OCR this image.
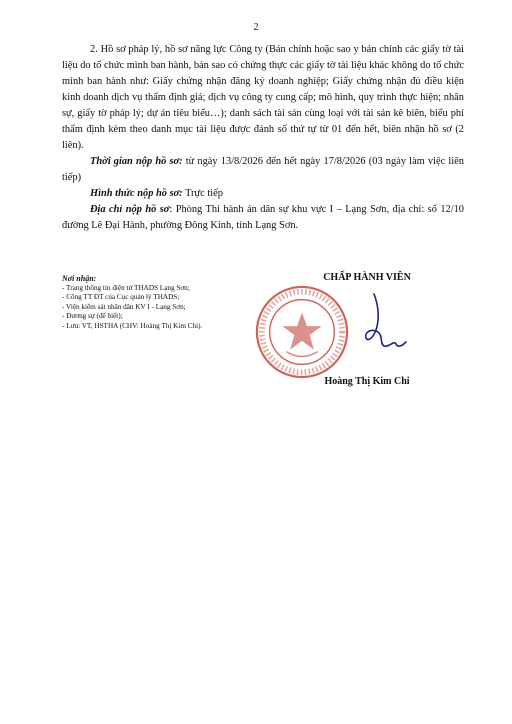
2

2. Hồ sơ pháp lý, hồ sơ năng lực Công ty (Bản chính hoặc sao y bản chính các giấy tờ tài liệu do tổ chức mình ban hành, bản sao có chứng thực các giấy tờ tài liệu khác không do tổ chức mình ban hành như: Giấy chứng nhận đăng ký doanh nghiệp; Giấy chứng nhận đủ điều kiện kinh doanh dịch vụ thẩm định giá; dịch vụ công ty cung cấp; mô hình, quy trình thực hiện; nhân sự, giấy tờ pháp lý; dự án tiêu biểu…); danh sách tài sản cùng loại với tài sản kê biên, biểu phí thẩm định kèm theo danh mục tài liệu được đánh số thứ tự từ 01 đến hết, biên nhận hồ sơ (2 liên).

Thời gian nộp hồ sơ: từ ngày 13/8/2026 đến hết ngày 17/8/2026 (03 ngày làm việc liên tiếp)

Hình thức nộp hồ sơ: Trực tiếp

Địa chỉ nộp hồ sơ: Phòng Thi hành án dân sự khu vực I – Lạng Sơn, địa chỉ: số 12/10 đường Lê Đại Hành, phường Đông Kinh, tỉnh Lạng Sơn.

Nơi nhận:
- Trang thông tin điện tử THADS Lạng Sơn;
- Cổng TT ĐT của Cục quản lý THADS;
- Viện kiểm sát nhân dân KV I - Lạng Sơn;
- Đương sự (để biết);
- Lưu: VT, HSTHA (CHV: Hoàng Thị Kim Chi).
CHẤP HÀNH VIÊN
Hoàng Thị Kim Chi
